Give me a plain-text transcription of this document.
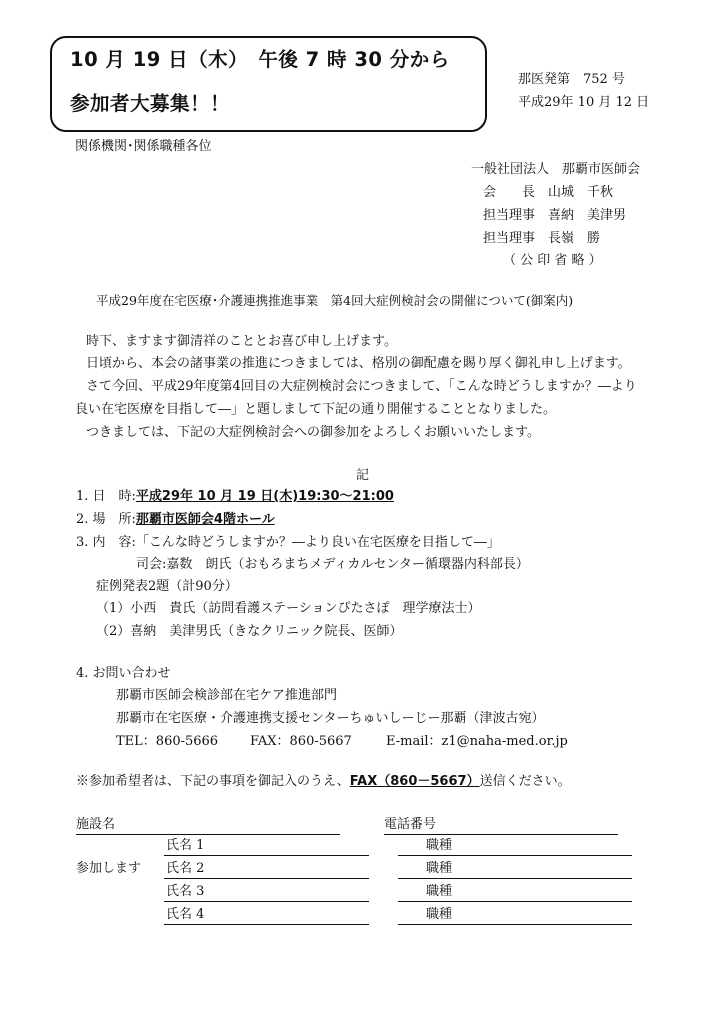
10 月 19 日（木）　午後 7 時 30 分から
参加者大募集！！
那医発第　752 号
平成29年 10 月 12 日
関係機関･関係職種各位
一般社団法人　那覇市医師会
会　　長　山城　千秋
担当理事　喜納　美津男
担当理事　長嶺　勝
（ 公 印 省 略 ）
平成29年度在宅医療･介護連携推進事業　第4回大症例検討会の開催について(御案内)
時下、ますます御清祥のこととお喜び申し上げます。
日頃から、本会の諸事業の推進につきましては、格別の御配慮を賜り厚く御礼申し上げます。
さて今回、平成29年度第4回目の大症例検討会につきまして、「こんな時どうしますか？―より
良い在宅医療を目指して―」と題しまして下記の通り開催することとなりました。
つきましては、下記の大症例検討会への御参加をよろしくお願いいたします。
記
1. 日　時:平成29年 10 月 19 日(木)19:30～21:00
2. 場　所:那覇市医師会4階ホール
3. 内　容:「こんな時どうしますか？―より良い在宅医療を目指して―」
司会:嘉数　朗氏（おもろまちメディカルセンター循環器内科部長）
症例発表2題（計90分）
（1）小西　貴氏（訪問看護ステーションぴたさぽ　理学療法士）
（2）喜納　美津男氏（きなクリニック院長、医師）
4. お問い合わせ
那覇市医師会検診部在宅ケア推進部門
那覇市在宅医療・介護連携支援センターちゅいしーじー那覇（津波古宛）
TEL：860-5666 FAX：860-5667	E-mail：z1@naha-med.or.jp
※参加希望者は、下記の事項を御記入のうえ、FAX（860－5667）送信ください。
施設名	電話番号
参加します
氏名 1	職種
氏名 2	職種
氏名 3	職種
氏名 4	職種
